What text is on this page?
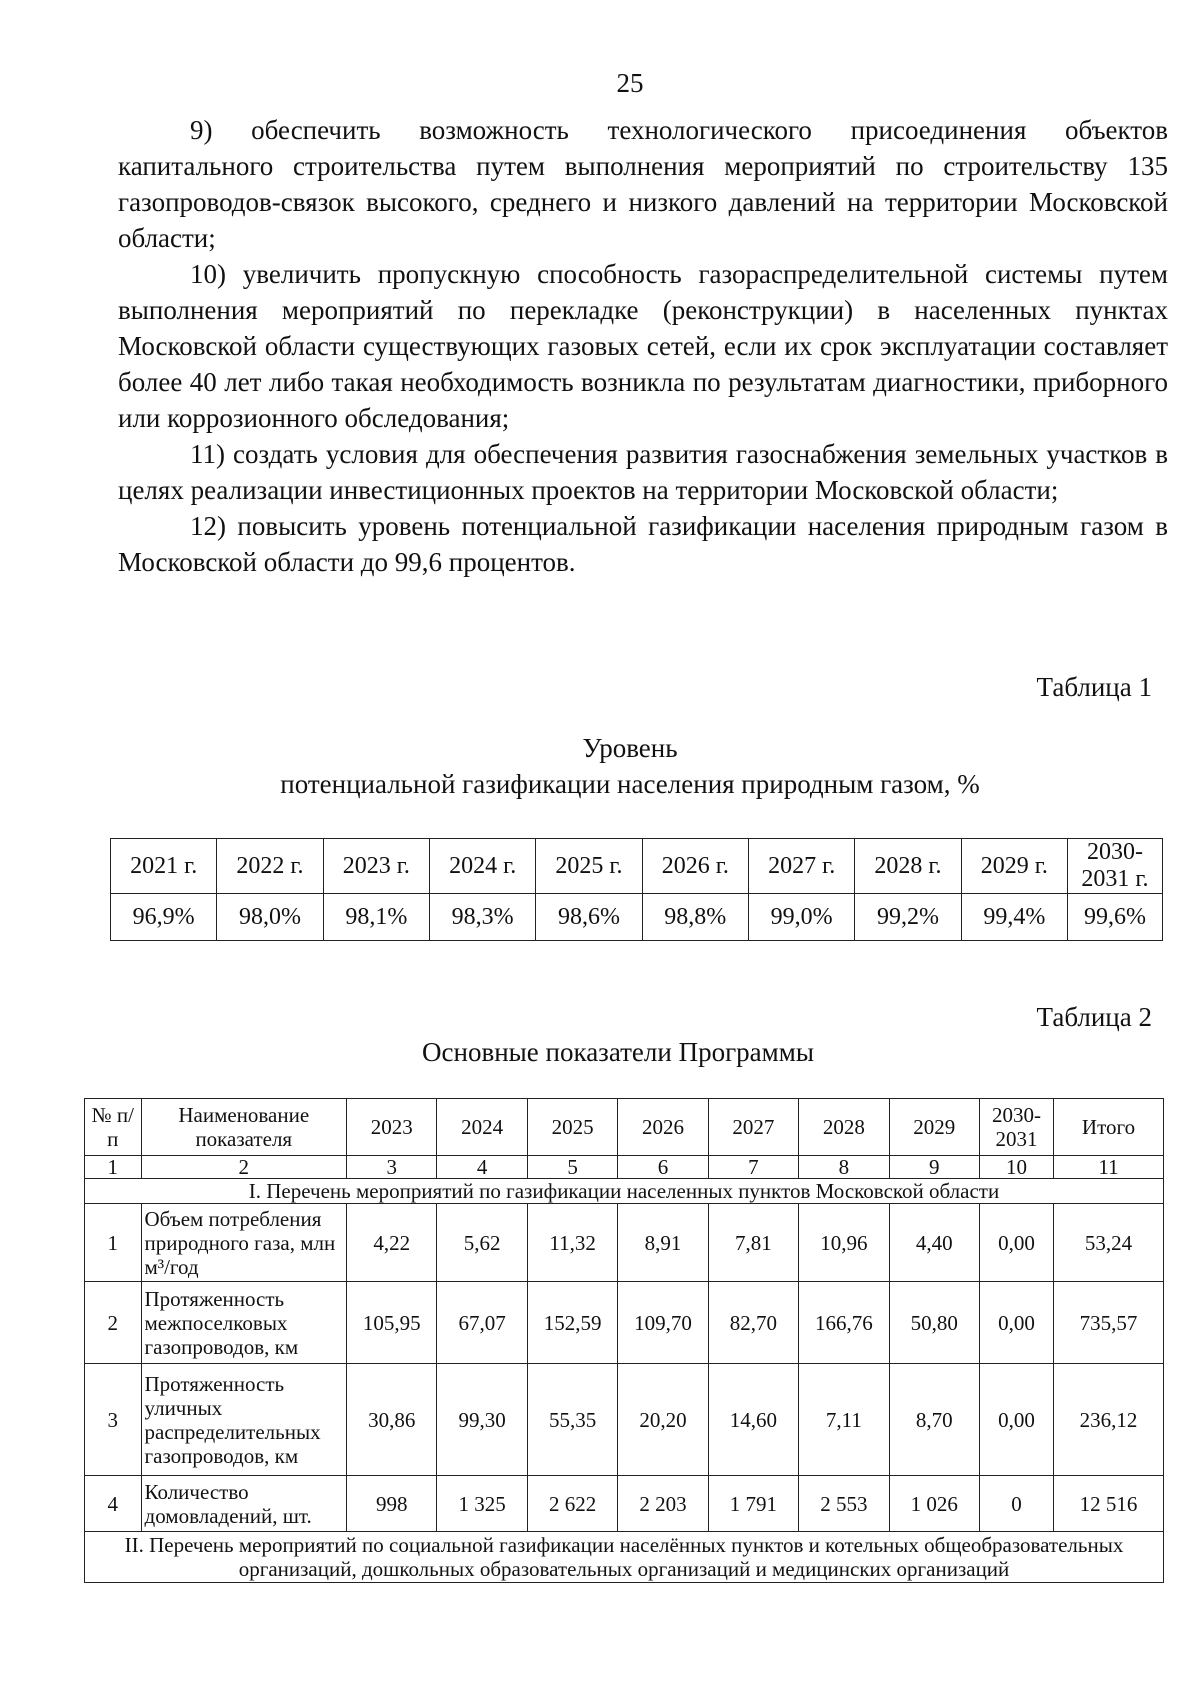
25

9) обеспечить возможность технологического присоединения объектов капитального строительства путем выполнения мероприятий по строительству 135 газопроводов-связок высокого, среднего и низкого давлений на территории Московской области;

10) увеличить пропускную способность газораспределительной системы путем выполнения мероприятий по перекладке (реконструкции) в населенных пунктах Московской области существующих газовых сетей, если их срок эксплуатации составляет более 40 лет либо такая необходимость возникла по результатам диагностики, приборного или коррозионного обследования;

11) создать условия для обеспечения развития газоснабжения земельных участков в целях реализации инвестиционных проектов на территории Московской области;

12) повысить уровень потенциальной газификации населения природным газом в Московской области до 99,6 процентов.

Таблица 1
Уровень
потенциальной газификации населения природным газом, %
2021 г.	2022 г.	2023 г.	2024 г.	2025 г.	2026 г.	2027 г.	2028 г.	2029 г.	2030-2031 г.
96,9%	98,0%	98,1%	98,3%	98,6%	98,8%	99,0%	99,2%	99,4%	99,6%
Таблица 2
Основные показатели Программы
№ п/п	Наименование показателя	2023	2024	2025	2026	2027	2028	2029	2030-2031	Итого
1	2	3	4	5	6	7	8	9	10	11
I. Перечень мероприятий по газификации населенных пунктов Московской области										
1	Объем потребления природного газа, млн м³/год	4,22	5,62	11,32	8,91	7,81	10,96	4,40	0,00	53,24
2	Протяженность межпоселковых газопроводов, км	105,95	67,07	152,59	109,70	82,70	166,76	50,80	0,00	735,57
3	Протяженность уличных распределительных газопроводов, км	30,86	99,30	55,35	20,20	14,60	7,11	8,70	0,00	236,12
4	Количество домовладений, шт.	998	1 325	2 622	2 203	1 791	2 553	1 026	0	12 516
II. Перечень мероприятий по социальной газификации населённых пунктов и котельных общеобразовательных организаций, дошкольных образовательных организаций и медицинских организаций										
